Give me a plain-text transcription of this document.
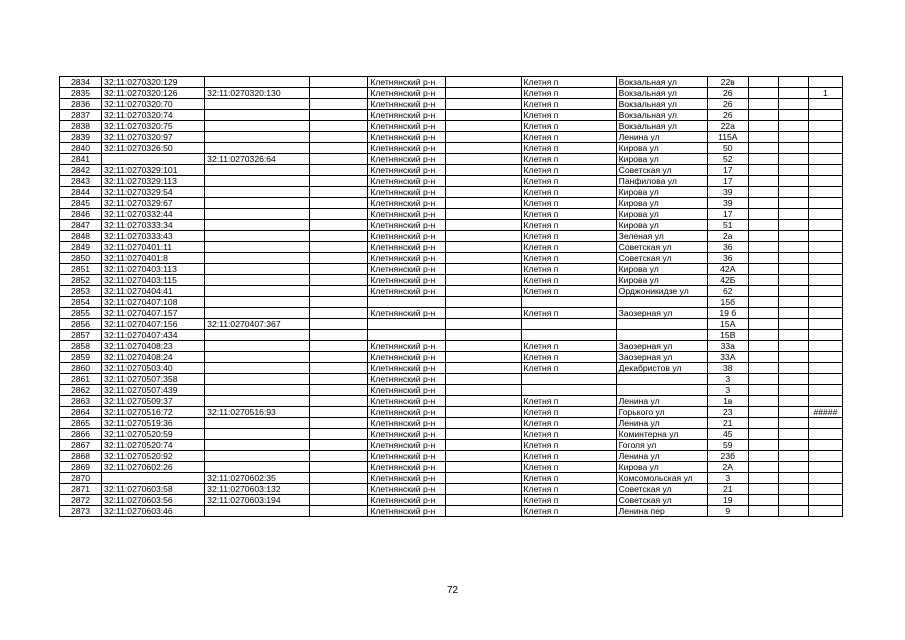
2834	32:11:0270320:129			Клетнянский р-н		Клетня п	Вокзальная ул	22в			
2835	32:11:0270320:126	32:11:0270320:130		Клетнянский р-н		Клетня п	Вокзальная ул	26			1
2836	32:11:0270320:70			Клетнянский р-н		Клетня п	Вокзальная ул	26			
2837	32:11:0270320:74			Клетнянский р-н		Клетня п	Вокзальная ул	26			
2838	32:11:0270320:75			Клетнянский р-н		Клетня п	Вокзальная ул	22а			
2839	32:11:0270320:97			Клетнянский р-н		Клетня п	Ленина ул	115А			
2840	32:11:0270326:50			Клетнянский р-н		Клетня п	Кирова ул	50			
2841		32:11:0270326:64		Клетнянский р-н		Клетня п	Кирова ул	52			
2842	32:11:0270329:101			Клетнянский р-н		Клетня п	Советская ул	17			
2843	32:11:0270329:113			Клетнянский р-н		Клетня п	Панфилова ул	17			
2844	32:11:0270329:54			Клетнянский р-н		Клетня п	Кирова ул	39			
2845	32:11:0270329:67			Клетнянский р-н		Клетня п	Кирова ул	39			
2846	32:11:0270332:44			Клетнянский р-н		Клетня п	Кирова ул	17			
2847	32:11:0270333:34			Клетнянский р-н		Клетня п	Кирова ул	51			
2848	32:11:0270333:43			Клетнянский р-н		Клетня п	Зеленая ул	2а			
2849	32:11:0270401:11			Клетнянский р-н		Клетня п	Советская ул	36			
2850	32:11:0270401:8			Клетнянский р-н		Клетня п	Советская ул	36			
2851	32:11:0270403:113			Клетнянский р-н		Клетня п	Кирова ул	42А			
2852	32:11:0270403:115			Клетнянский р-н		Клетня п	Кирова ул	42Б			
2853	32:11:0270404:41			Клетнянский р-н		Клетня п	Орджоникидзе ул	62			
2854	32:11:0270407:108							15б			
2855	32:11:0270407:157			Клетнянский р-н		Клетня п	Заозерная ул	19 б			
2856	32:11:0270407:156	32:11:0270407:367						15А			
2857	32:11:0270407:434							15В			
2858	32:11:0270408:23			Клетнянский р-н		Клетня п	Заозерная ул	33а			
2859	32:11:0270408:24			Клетнянский р-н		Клетня п	Заозерная ул	33А			
2860	32:11:0270503:40			Клетнянский р-н		Клетня п	Декабристов ул	38			
2861	32:11:0270507:358			Клетнянский р-н				3			
2862	32:11:0270507:439			Клетнянский р-н				3			
2863	32:11:0270509:37			Клетнянский р-н		Клетня п	Ленина ул	1в			
2864	32:11:0270516:72	32:11:0270516:93		Клетнянский р-н		Клетня п	Горького ул	23			#####
2865	32:11:0270519:36			Клетнянский р-н		Клетня п	Ленина ул	21			
2866	32:11:0270520:59			Клетнянский р-н		Клетня п	Коминтерна ул	45			
2867	32:11:0270520:74			Клетнянский р-н		Клетня п	Гоголя ул	59			
2868	32:11:0270520:92			Клетнянский р-н		Клетня п	Ленина ул	23б			
2869	32:11:0270602:26			Клетнянский р-н		Клетня п	Кирова ул	2А			
2870		32:11:0270602:35		Клетнянский р-н		Клетня п	Комсомольская ул	3			
2871	32:11:0270603:58	32:11:0270603:132		Клетнянский р-н		Клетня п	Советская ул	21			
2872	32:11:0270603:56	32:11:0270603:194		Клетнянский р-н		Клетня п	Советская ул	19			
2873	32:11:0270603:46			Клетнянский р-н		Клетня п	Ленина пер	9			
72
